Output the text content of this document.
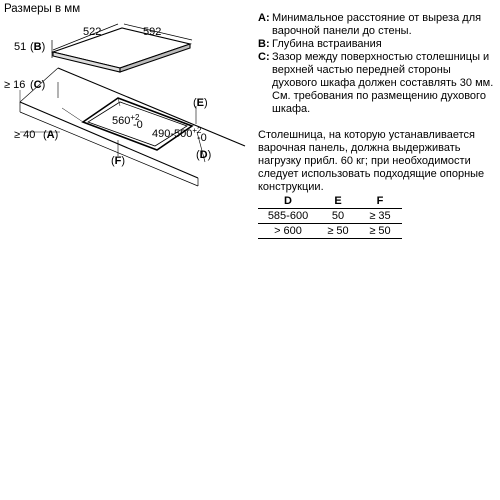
Размеры в мм
522	592
51 (B)
≥ 16 (C)
≥ 40 (A)
(E)
(F)	(D)
$560^{+2}$
-0
$490-500^{+2}$
-0
A: Минимальное расстояние от выреза для варочной панели до стены.
B: Глубина встраивания
C: Зазор между поверхностью столешницы и верхней частью передней стороны духового шкафа должен составлять 30 мм. См. требования по размещению духового шкафа.
Столешница, на которую устанавливается варочная панель, должна выдерживать нагрузку прибл. 60 кг; при необходимости следует использовать подходящие опорные конструкции.
D	E	F
585-600	50	≥ 35
> 600	≥ 50	≥ 50
